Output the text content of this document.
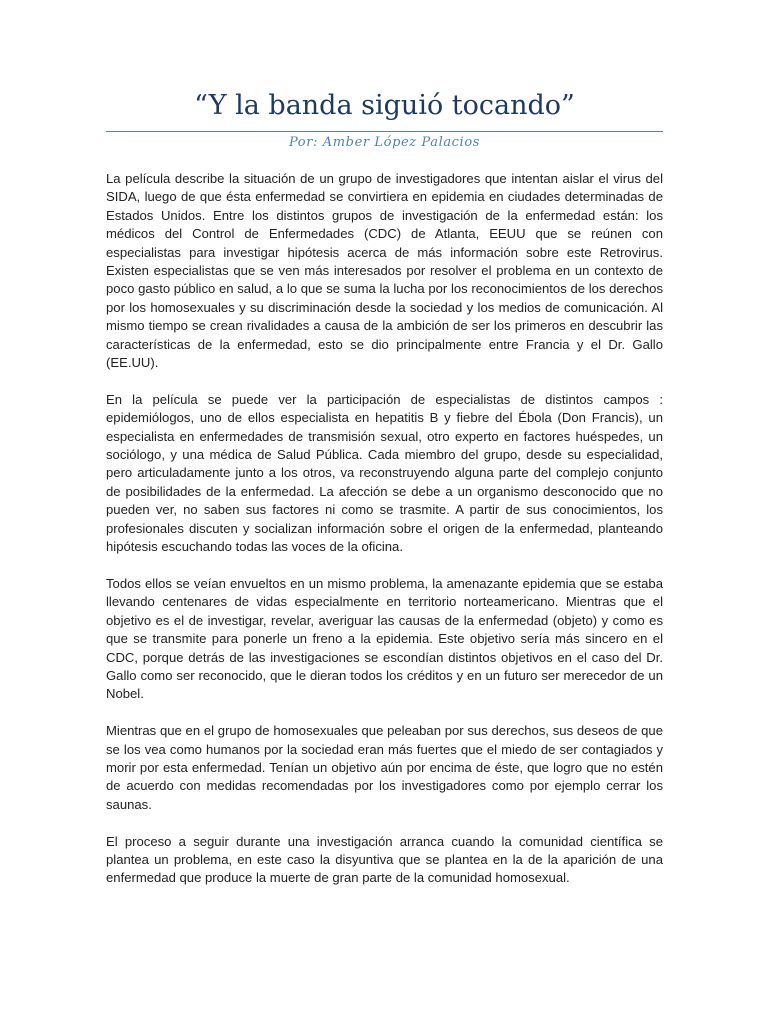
“Y la banda siguió tocando”
Por: Amber López Palacios

La película describe la situación de un grupo de investigadores que intentan aislar el virus del SIDA, luego de que ésta enfermedad se convirtiera en epidemia en ciudades determinadas de Estados Unidos. Entre los distintos grupos de investigación de la enfermedad están: los médicos del Control de Enfermedades (CDC) de Atlanta, EEUU que se reúnen con especialistas para investigar hipótesis acerca de más información sobre este Retrovirus. Existen especialistas que se ven más interesados por resolver el problema en un contexto de poco gasto público en salud, a lo que se suma la lucha por los reconocimientos de los derechos por los homosexuales y su discriminación desde la sociedad y los medios de comunicación. Al mismo tiempo se crean rivalidades a causa de la ambición de ser los primeros en descubrir las características de la enfermedad, esto se dio principalmente entre Francia y el Dr. Gallo (EE.UU).

En la película se puede ver la participación de especialistas de distintos campos : epidemiólogos, uno de ellos especialista en hepatitis B y fiebre del Ébola (Don Francis), un especialista en enfermedades de transmisión sexual, otro experto en factores huéspedes, un sociólogo, y una médica de Salud Pública. Cada miembro del grupo, desde su especialidad, pero articuladamente junto a los otros, va reconstruyendo alguna parte del complejo conjunto de posibilidades de la enfermedad. La afección se debe a un organismo desconocido que no pueden ver, no saben sus factores ni como se trasmite. A partir de sus conocimientos, los profesionales discuten y socializan información sobre el origen de la enfermedad, planteando hipótesis escuchando todas las voces de la oficina.

Todos ellos se veían envueltos en un mismo problema, la amenazante epidemia que se estaba llevando centenares de vidas especialmente en territorio norteamericano. Mientras que el objetivo es el de investigar, revelar, averiguar las causas de la enfermedad (objeto) y como es que se transmite para ponerle un freno a la epidemia. Este objetivo sería más sincero en el CDC, porque detrás de las investigaciones se escondían distintos objetivos en el caso del Dr. Gallo como ser reconocido, que le dieran todos los créditos y en un futuro ser merecedor de un Nobel.

Mientras que en el grupo de homosexuales que peleaban por sus derechos, sus deseos de que se los vea como humanos por la sociedad eran más fuertes que el miedo de ser contagiados y morir por esta enfermedad. Tenían un objetivo aún por encima de éste, que logro que no estén de acuerdo con medidas recomendadas por los investigadores como por ejemplo cerrar los saunas.

El proceso a seguir durante una investigación arranca cuando la comunidad científica se plantea un problema, en este caso la disyuntiva que se plantea en la de la aparición de una enfermedad que produce la muerte de gran parte de la comunidad homosexual.
